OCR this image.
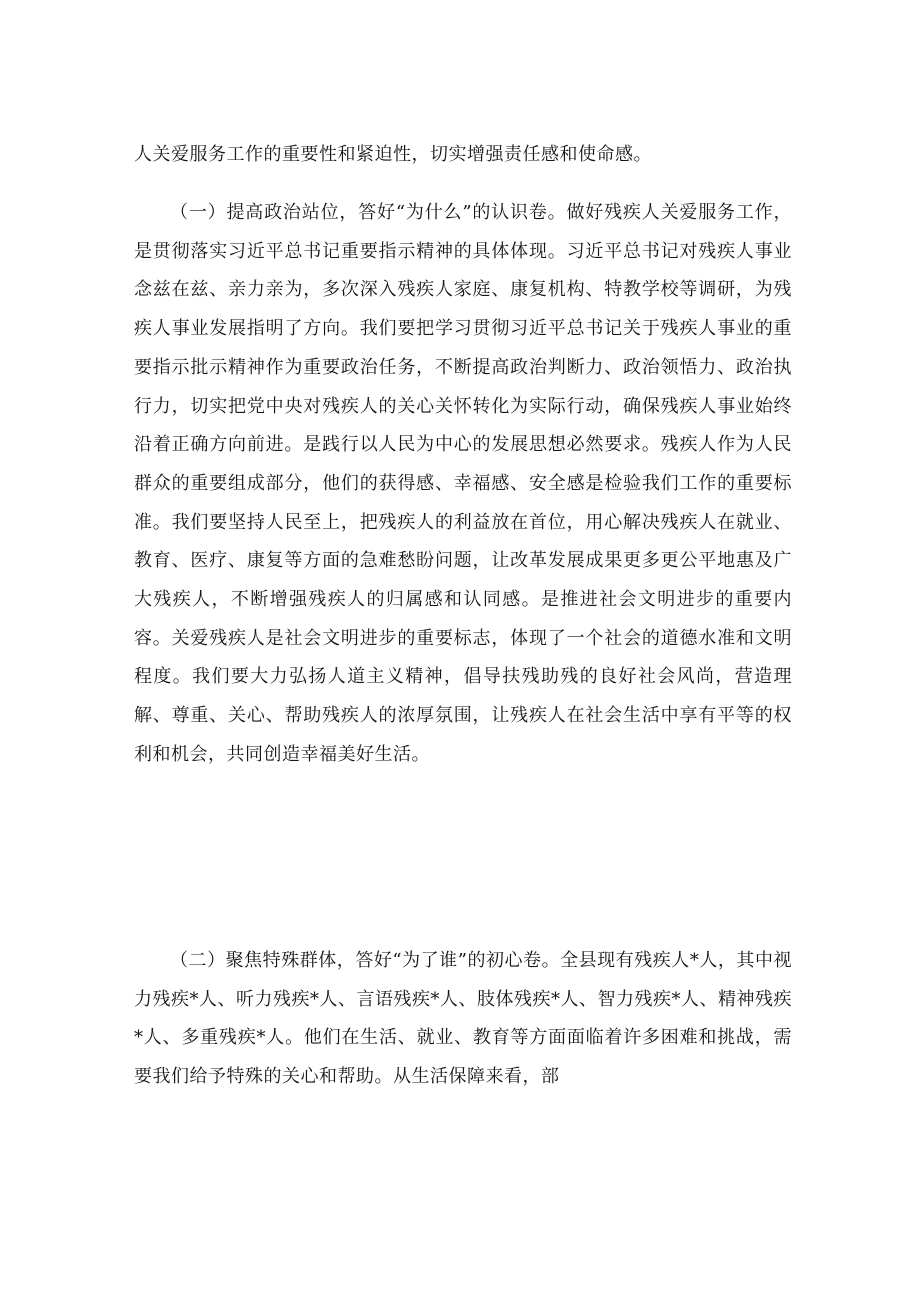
人关爱服务工作的重要性和紧迫性，切实增强责任感和使命感。

（一）提高政治站位，答好“为什么”的认识卷。做好残疾人关爱服务工作，是贯彻落实习近平总书记重要指示精神的具体体现。习近平总书记对残疾人事业念兹在兹、亲力亲为，多次深入残疾人家庭、康复机构、特教学校等调研，为残疾人事业发展指明了方向。我们要把学习贯彻习近平总书记关于残疾人事业的重要指示批示精神作为重要政治任务，不断提高政治判断力、政治领悟力、政治执行力，切实把党中央对残疾人的关心关怀转化为实际行动，确保残疾人事业始终沿着正确方向前进。是践行以人民为中心的发展思想必然要求。残疾人作为人民群众的重要组成部分，他们的获得感、幸福感、安全感是检验我们工作的重要标准。我们要坚持人民至上，把残疾人的利益放在首位，用心解决残疾人在就业、教育、医疗、康复等方面的急难愁盼问题，让改革发展成果更多更公平地惠及广大残疾人，不断增强残疾人的归属感和认同感。是推进社会文明进步的重要内容。关爱残疾人是社会文明进步的重要标志，体现了一个社会的道德水准和文明程度。我们要大力弘扬人道主义精神，倡导扶残助残的良好社会风尚，营造理解、尊重、关心、帮助残疾人的浓厚氛围，让残疾人在社会生活中享有平等的权利和机会，共同创造幸福美好生活。

（二）聚焦特殊群体，答好“为了谁”的初心卷。全县现有残疾人*人，其中视力残疾*人、听力残疾*人、言语残疾*人、肢体残疾*人、智力残疾*人、精神残疾*人、多重残疾*人。他们在生活、就业、教育等方面面临着许多困难和挑战，需要我们给予特殊的关心和帮助。从生活保障来看，部
